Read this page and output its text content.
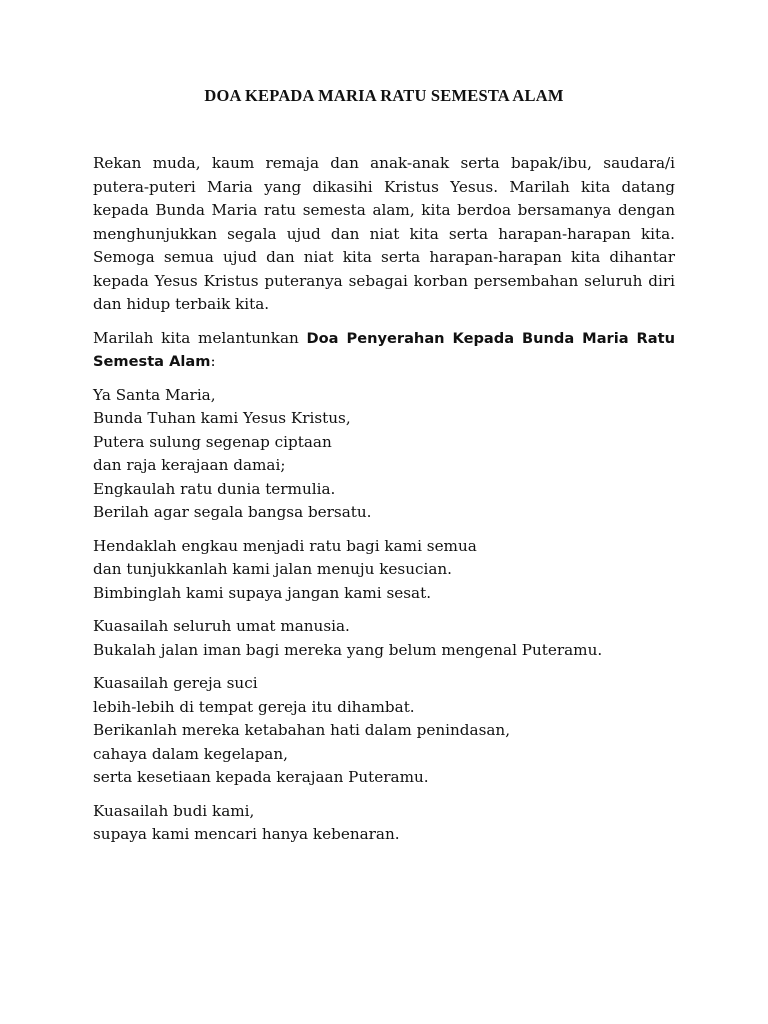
DOA KEPADA MARIA RATU SEMESTA ALAM

Rekan muda, kaum remaja dan anak-anak serta bapak/ibu, saudara/i putera-puteri Maria yang dikasihi Kristus Yesus. Marilah kita datang kepada Bunda Maria ratu semesta alam, kita berdoa bersamanya dengan menghunjukkan segala ujud dan niat kita serta harapan-harapan kita. Semoga semua ujud dan niat kita serta harapan-harapan kita dihantar kepada Yesus Kristus puteranya sebagai korban persembahan seluruh diri dan hidup terbaik kita.

Marilah kita melantunkan Doa Penyerahan Kepada Bunda Maria Ratu Semesta Alam:

Ya Santa Maria,
Bunda Tuhan kami Yesus Kristus,
Putera sulung segenap ciptaan
dan raja kerajaan damai;
Engkaulah ratu dunia termulia.
Berilah agar segala bangsa bersatu.

Hendaklah engkau menjadi ratu bagi kami semua
dan tunjukkanlah kami jalan menuju kesucian.
Bimbinglah kami supaya jangan kami sesat.

Kuasailah seluruh umat manusia.

Bukalah jalan iman bagi mereka yang belum mengenal Puteramu.

Kuasailah gereja suci
lebih-lebih di tempat gereja itu dihambat.
Berikanlah mereka ketabahan hati dalam penindasan,
cahaya dalam kegelapan,
serta kesetiaan kepada kerajaan Puteramu.

Kuasailah budi kami,
supaya kami mencari hanya kebenaran.
